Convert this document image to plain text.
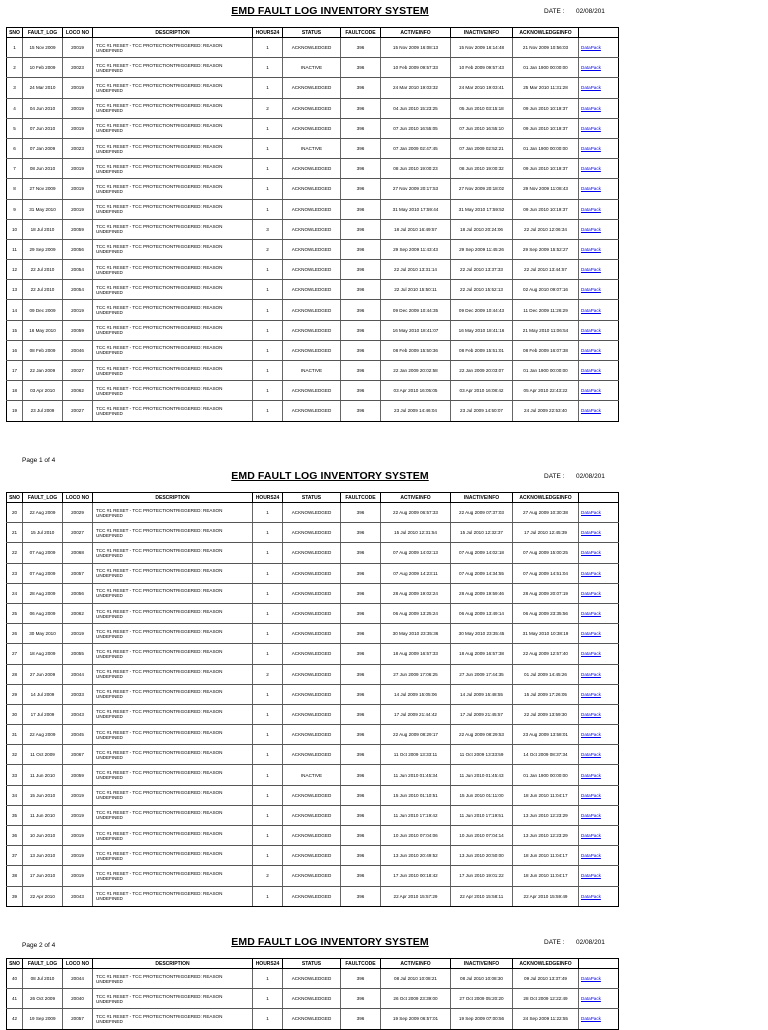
EMD FAULT LOG INVENTORY SYSTEM	DATE : 02/08/201
SNO	FAULT_LOG	LOCO NO	DESCRIPTION	HOURS24	STATUS	FAULTCODE	ACTIVEINFO	INACTIVEINFO	ACKNOWLEDGEINFO	
1	15 Nov 2009	20019	TCC #1 RESET - TCC PROTECTIONTRIGGERED: REASON UNDEFINED	1	ACKNOWLEDGED	396	15 Nov 2009 16:08:13	15 Nov 2009 16:14:48	21 Nov 2009 10:56:03	DataPack
2	10 Feb 2009	20023	TCC #1 RESET - TCC PROTECTIONTRIGGERED: REASON UNDEFINED	1	INACTIVE	396	10 Feb 2009 09:57:33	10 Feb 2009 09:57:43	01 Jan 1900 00:00:00	DataPack
3	24 Mar 2010	20019	TCC #1 RESET - TCC PROTECTIONTRIGGERED: REASON UNDEFINED	1	ACKNOWLEDGED	396	24 Mar 2010 19:03:32	24 Mar 2010 19:03:41	25 Mar 2010 11:31:28	DataPack
4	04 Jun 2010	20019	TCC #1 RESET - TCC PROTECTIONTRIGGERED: REASON UNDEFINED	2	ACKNOWLEDGED	396	04 Jun 2010 15:23:25	05 Jun 2010 03:15:18	09 Jun 2010 10:19:37	DataPack
5	07 Jun 2010	20019	TCC #1 RESET - TCC PROTECTIONTRIGGERED: REASON UNDEFINED	1	ACKNOWLEDGED	396	07 Jun 2010 16:55:05	07 Jun 2010 16:55:10	09 Jun 2010 10:19:37	DataPack
6	07 Jan 2009	20023	TCC #1 RESET - TCC PROTECTIONTRIGGERED: REASON UNDEFINED	1	INACTIVE	396	07 Jan 2009 02:47:45	07 Jan 2009 02:52:21	01 Jan 1900 00:00:00	DataPack
7	08 Jun 2010	20019	TCC #1 RESET - TCC PROTECTIONTRIGGERED: REASON UNDEFINED	1	ACKNOWLEDGED	396	08 Jun 2010 19:00:23	08 Jun 2010 19:00:32	09 Jun 2010 10:19:37	DataPack
8	27 Nov 2009	20019	TCC #1 RESET - TCC PROTECTIONTRIGGERED: REASON UNDEFINED	1	ACKNOWLEDGED	396	27 Nov 2009 20:17:53	27 Nov 2009 20:18:02	29 Nov 2009 11:08:43	DataPack
9	31 May 2010	20019	TCC #1 RESET - TCC PROTECTIONTRIGGERED: REASON UNDEFINED	1	ACKNOWLEDGED	396	31 May 2010 17:59:44	31 May 2010 17:59:52	09 Jun 2010 10:19:37	DataPack
10	18 Jul 2010	20059	TCC #1 RESET - TCC PROTECTIONTRIGGERED: REASON UNDEFINED	3	ACKNOWLEDGED	396	18 Jul 2010 16:49:57	18 Jul 2010 20:24:06	22 Jul 2010 12:06:34	DataPack
11	29 Sep 2009	20056	TCC #1 RESET - TCC PROTECTIONTRIGGERED: REASON UNDEFINED	2	ACKNOWLEDGED	396	29 Sep 2009 11:43:43	29 Sep 2009 11:45:26	29 Sep 2009 15:52:27	DataPack
12	22 Jul 2010	20054	TCC #1 RESET - TCC PROTECTIONTRIGGERED: REASON UNDEFINED	1	ACKNOWLEDGED	396	22 Jul 2010 13:31:14	22 Jul 2010 13:37:33	22 Jul 2010 13:44:57	DataPack
13	22 Jul 2010	20054	TCC #1 RESET - TCC PROTECTIONTRIGGERED: REASON UNDEFINED	1	ACKNOWLEDGED	396	22 Jul 2010 15:50:11	22 Jul 2010 15:52:13	02 Aug 2010 09:07:16	DataPack
14	09 Dec 2009	20019	TCC #1 RESET - TCC PROTECTIONTRIGGERED: REASON UNDEFINED	1	ACKNOWLEDGED	396	09 Dec 2009 10:44:35	09 Dec 2009 10:44:43	11 Dec 2009 11:26:29	DataPack
15	16 May 2010	20059	TCC #1 RESET - TCC PROTECTIONTRIGGERED: REASON UNDEFINED	1	ACKNOWLEDGED	396	16 May 2010 18:41:07	16 May 2010 18:41:16	21 May 2010 11:06:54	DataPack
16	08 Feb 2009	20046	TCC #1 RESET - TCC PROTECTIONTRIGGERED: REASON UNDEFINED	1	ACKNOWLEDGED	396	08 Feb 2009 15:50:36	08 Feb 2009 15:51:01	08 Feb 2009 16:07:38	DataPack
17	22 Jan 2009	20027	TCC #1 RESET - TCC PROTECTIONTRIGGERED: REASON UNDEFINED	1	INACTIVE	396	22 Jan 2009 20:02:58	22 Jan 2009 20:03:07	01 Jan 1900 00:00:00	DataPack
18	03 Apr 2010	20062	TCC #1 RESET - TCC PROTECTIONTRIGGERED: REASON UNDEFINED	1	ACKNOWLEDGED	396	03 Apr 2010 16:05:05	03 Apr 2010 16:08:42	05 Apr 2010 22:43:22	DataPack
19	23 Jul 2009	20027	TCC #1 RESET - TCC PROTECTIONTRIGGERED: REASON UNDEFINED	1	ACKNOWLEDGED	396	23 Jul 2009 14:46:04	23 Jul 2009 14:50:07	24 Jul 2009 22:53:40	DataPack
Page 1 of 4
EMD FAULT LOG INVENTORY SYSTEM	DATE : 02/08/201
SNO	FAULT_LOG	LOCO NO	DESCRIPTION	HOURS24	STATUS	FAULTCODE	ACTIVEINFO	INACTIVEINFO	ACKNOWLEDGEINFO	
20	22 Aug 2009	20029	TCC #1 RESET - TCC PROTECTIONTRIGGERED: REASON UNDEFINED	1	ACKNOWLEDGED	396	22 Aug 2009 06:57:33	22 Aug 2009 07:37:03	27 Aug 2009 10:30:38	DataPack
21	15 Jul 2010	20027	TCC #1 RESET - TCC PROTECTIONTRIGGERED: REASON UNDEFINED	1	ACKNOWLEDGED	396	15 Jul 2010 12:31:54	15 Jul 2010 12:32:37	17 Jul 2010 12:45:39	DataPack
22	07 Aug 2009	20068	TCC #1 RESET - TCC PROTECTIONTRIGGERED: REASON UNDEFINED	1	ACKNOWLEDGED	396	07 Aug 2009 14:02:13	07 Aug 2009 14:02:18	07 Aug 2009 15:00:25	DataPack
23	07 Aug 2009	20057	TCC #1 RESET - TCC PROTECTIONTRIGGERED: REASON UNDEFINED	1	ACKNOWLEDGED	396	07 Aug 2009 14:23:11	07 Aug 2009 14:34:55	07 Aug 2009 14:51:04	DataPack
24	28 Aug 2009	20056	TCC #1 RESET - TCC PROTECTIONTRIGGERED: REASON UNDEFINED	1	ACKNOWLEDGED	396	28 Aug 2009 19:02:24	28 Aug 2009 19:59:46	28 Aug 2009 20:07:19	DataPack
25	06 Aug 2009	20062	TCC #1 RESET - TCC PROTECTIONTRIGGERED: REASON UNDEFINED	1	ACKNOWLEDGED	396	06 Aug 2009 13:25:24	06 Aug 2009 13:49:14	06 Aug 2009 23:35:56	DataPack
26	30 May 2010	20019	TCC #1 RESET - TCC PROTECTIONTRIGGERED: REASON UNDEFINED	1	ACKNOWLEDGED	396	30 May 2010 23:35:36	30 May 2010 23:35:45	31 May 2010 10:38:19	DataPack
27	18 Aug 2009	20055	TCC #1 RESET - TCC PROTECTIONTRIGGERED: REASON UNDEFINED	1	ACKNOWLEDGED	396	18 Aug 2009 16:57:33	18 Aug 2009 16:57:38	22 Aug 2009 12:57:40	DataPack
28	27 Jun 2009	20044	TCC #1 RESET - TCC PROTECTIONTRIGGERED: REASON UNDEFINED	2	ACKNOWLEDGED	396	27 Jun 2009 17:06:25	27 Jun 2009 17:44:35	01 Jul 2009 14:45:26	DataPack
29	14 Jul 2009	20033	TCC #1 RESET - TCC PROTECTIONTRIGGERED: REASON UNDEFINED	1	ACKNOWLEDGED	396	14 Jul 2009 15:05:06	14 Jul 2009 15:48:55	15 Jul 2009 17:26:05	DataPack
30	17 Jul 2009	20043	TCC #1 RESET - TCC PROTECTIONTRIGGERED: REASON UNDEFINED	1	ACKNOWLEDGED	396	17 Jul 2009 21:44:42	17 Jul 2009 21:45:57	22 Jul 2009 13:59:30	DataPack
31	22 Aug 2009	20045	TCC #1 RESET - TCC PROTECTIONTRIGGERED: REASON UNDEFINED	1	ACKNOWLEDGED	396	22 Aug 2009 08:29:17	22 Aug 2009 08:29:53	23 Aug 2009 13:58:01	DataPack
32	11 Oct 2009	20067	TCC #1 RESET - TCC PROTECTIONTRIGGERED: REASON UNDEFINED	1	ACKNOWLEDGED	396	11 Oct 2009 13:33:11	11 Oct 2009 13:33:59	14 Oct 2009 08:37:34	DataPack
33	11 Jun 2010	20059	TCC #1 RESET - TCC PROTECTIONTRIGGERED: REASON UNDEFINED	1	INACTIVE	396	11 Jun 2010 01:45:34	11 Jun 2010 01:45:43	01 Jan 1900 00:00:00	DataPack
34	15 Jun 2010	20019	TCC #1 RESET - TCC PROTECTIONTRIGGERED: REASON UNDEFINED	1	ACKNOWLEDGED	396	15 Jun 2010 01:10:51	15 Jun 2010 01:11:00	18 Jun 2010 11:04:17	DataPack
35	11 Jun 2010	20019	TCC #1 RESET - TCC PROTECTIONTRIGGERED: REASON UNDEFINED	1	ACKNOWLEDGED	396	11 Jun 2010 17:19:42	11 Jun 2010 17:19:51	13 Jun 2010 12:23:29	DataPack
36	10 Jun 2010	20019	TCC #1 RESET - TCC PROTECTIONTRIGGERED: REASON UNDEFINED	1	ACKNOWLEDGED	396	10 Jun 2010 07:04:06	10 Jun 2010 07:04:14	13 Jun 2010 12:23:29	DataPack
37	13 Jun 2010	20019	TCC #1 RESET - TCC PROTECTIONTRIGGERED: REASON UNDEFINED	1	ACKNOWLEDGED	396	13 Jun 2010 20:49:52	13 Jun 2010 20:50:00	18 Jun 2010 11:04:17	DataPack
38	17 Jun 2010	20019	TCC #1 RESET - TCC PROTECTIONTRIGGERED: REASON UNDEFINED	2	ACKNOWLEDGED	396	17 Jun 2010 00:18:42	17 Jun 2010 19:01:22	18 Jun 2010 11:04:17	DataPack
39	22 Apr 2010	20043	TCC #1 RESET - TCC PROTECTIONTRIGGERED: REASON UNDEFINED	1	ACKNOWLEDGED	396	22 Apr 2010 15:57:29	22 Apr 2010 15:58:11	22 Apr 2010 15:59:49	DataPack
Page 2 of 4	EMD FAULT LOG INVENTORY SYSTEM	DATE : 02/08/201
SNO	FAULT_LOG	LOCO NO	DESCRIPTION	HOURS24	STATUS	FAULTCODE	ACTIVEINFO	INACTIVEINFO	ACKNOWLEDGEINFO	
40	08 Jul 2010	20044	TCC #1 RESET - TCC PROTECTIONTRIGGERED: REASON UNDEFINED	1	ACKNOWLEDGED	396	08 Jul 2010 10:08:21	08 Jul 2010 10:08:30	09 Jul 2010 13:37:49	DataPack
41	26 Oct 2009	20040	TCC #1 RESET - TCC PROTECTIONTRIGGERED: REASON UNDEFINED	1	ACKNOWLEDGED	396	26 Oct 2009 23:39:00	27 Oct 2009 05:20:20	28 Oct 2009 12:22:49	DataPack
42	19 Sep 2009	20057	TCC #1 RESET - TCC PROTECTIONTRIGGERED: REASON UNDEFINED	1	ACKNOWLEDGED	396	19 Sep 2009 06:57:01	19 Sep 2009 07:00:56	24 Sep 2009 11:22:55	DataPack
